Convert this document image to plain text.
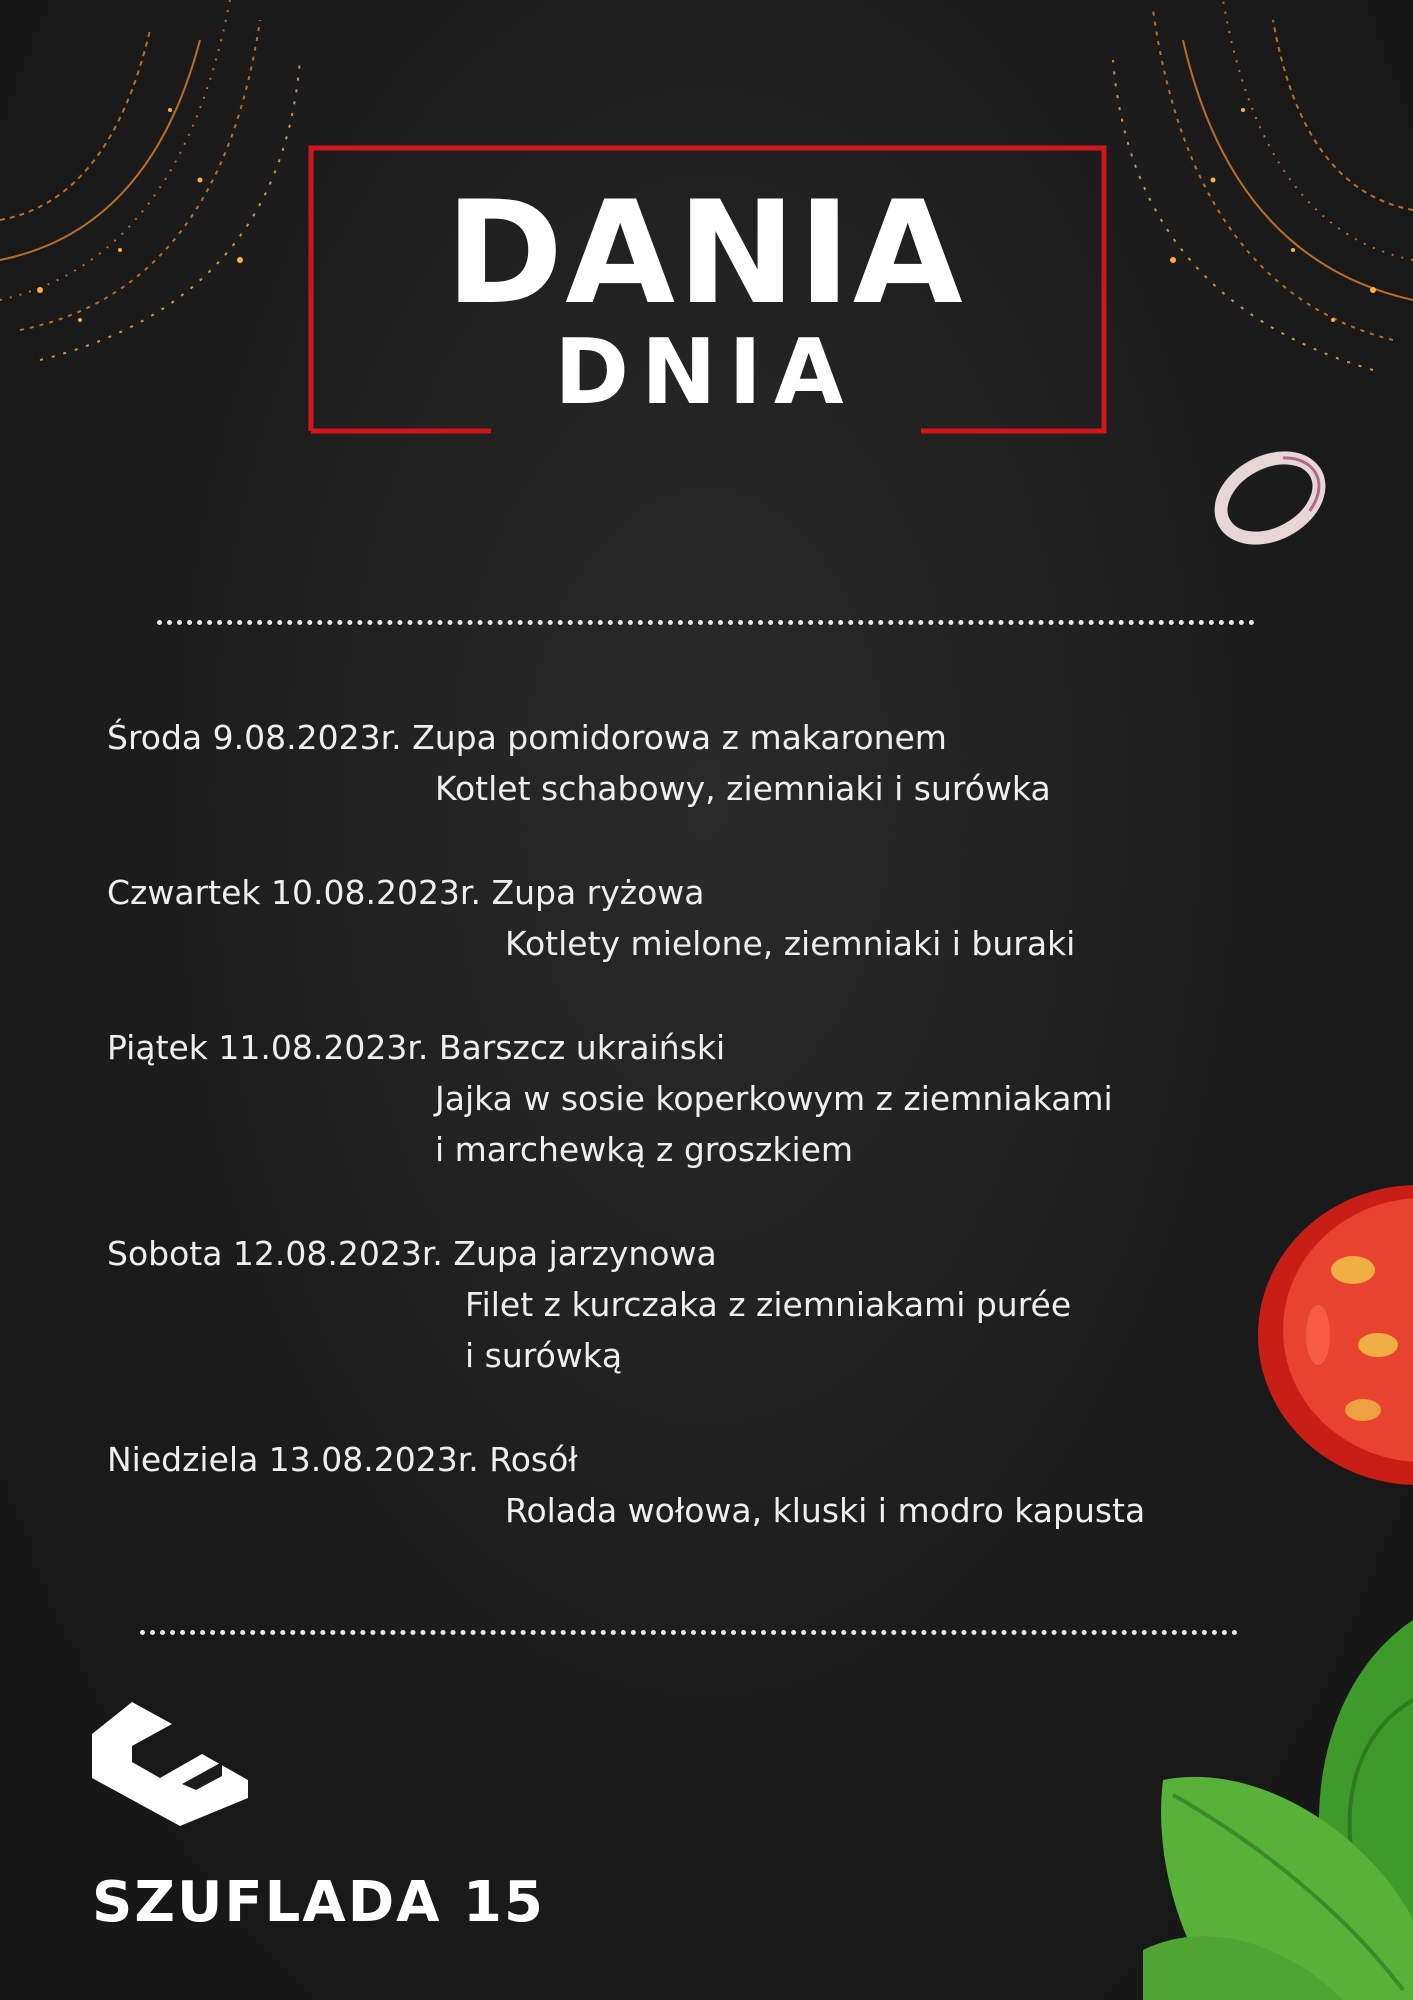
DANIA
DNIA
Środa 9.08.2023r. Zupa pomidorowa z makaronem
Kotlet schabowy, ziemniaki i surówka
Czwartek 10.08.2023r. Zupa ryżowa
Kotlety mielone, ziemniaki i buraki
Piątek 11.08.2023r. Barszcz ukraiński
Jajka w sosie koperkowym z ziemniakami
i marchewką z groszkiem
Sobota 12.08.2023r. Zupa jarzynowa
Filet z kurczaka z ziemniakami purée
i surówką
Niedziela 13.08.2023r. Rosół
Rolada wołowa, kluski i modro kapusta
SZUFLADA 15
